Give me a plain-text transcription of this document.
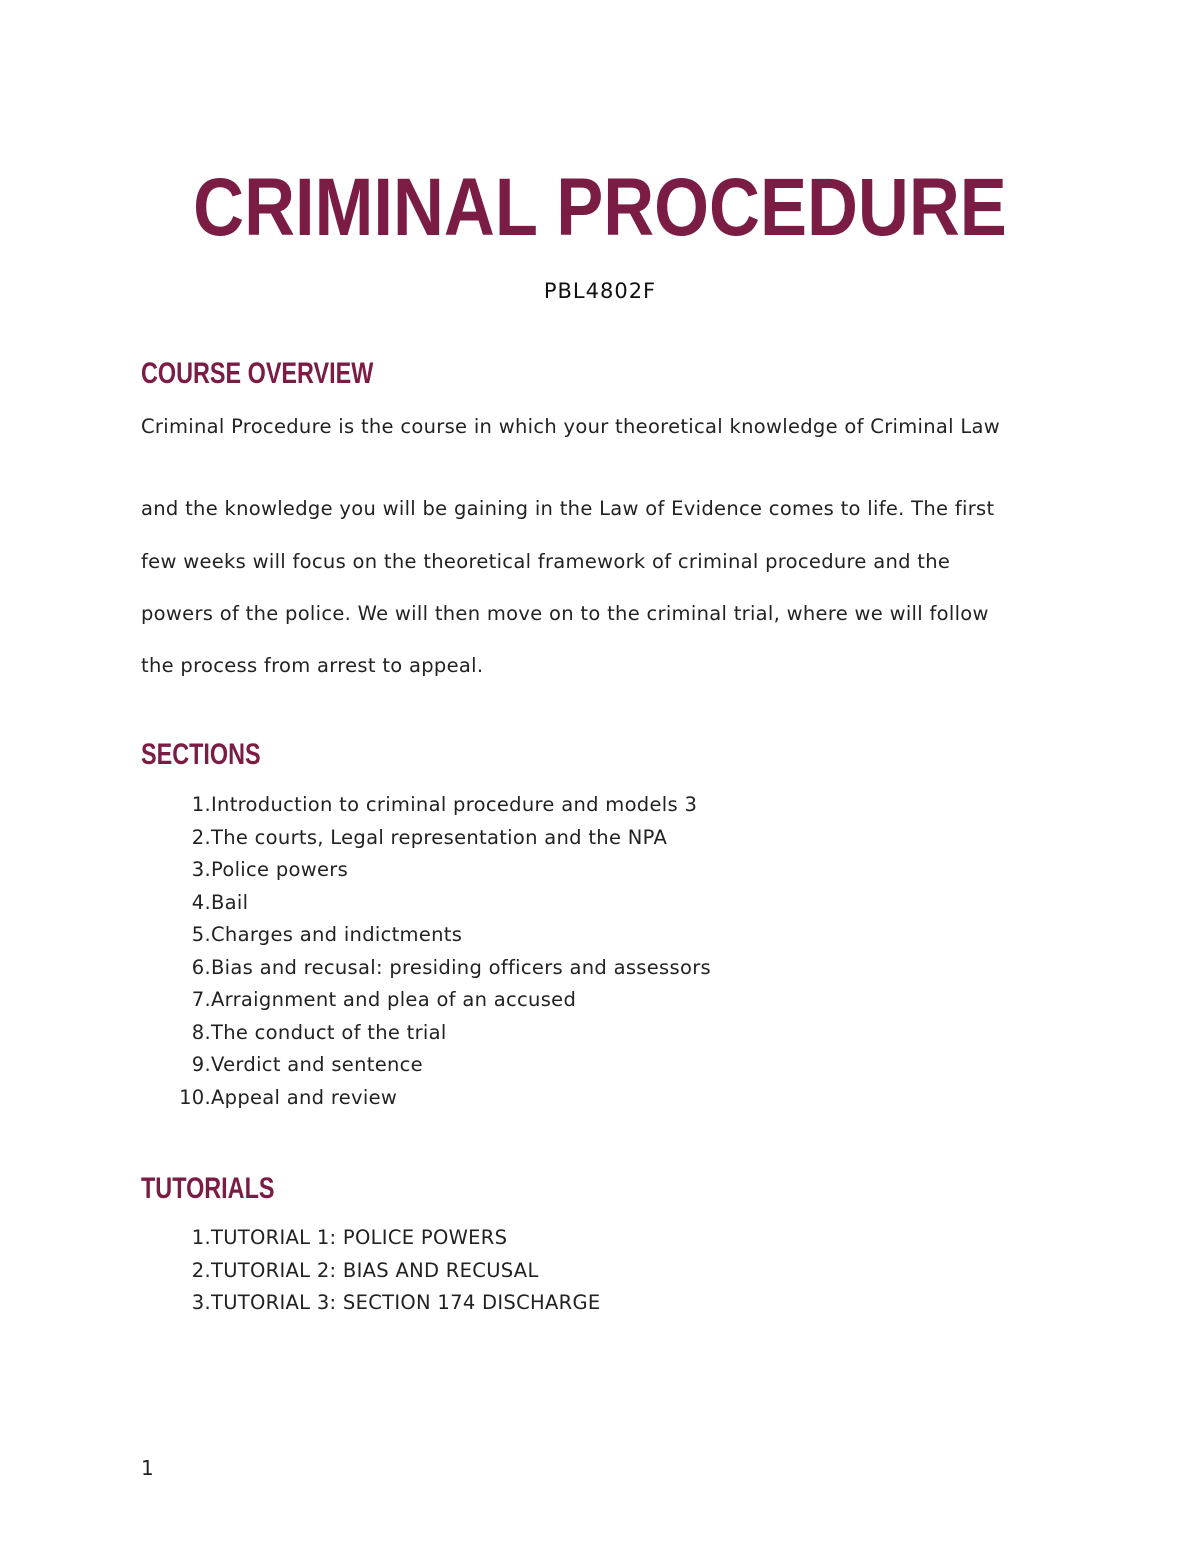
CRIMINAL PROCEDURE
PBL4802F
COURSE OVERVIEW
Criminal Procedure is the course in which your theoretical knowledge of Criminal Law
and the knowledge you will be gaining in the Law of Evidence comes to life. The first
few weeks will focus on the theoretical framework of criminal procedure and the
powers of the police. We will then move on to the criminal trial, where we will follow
the process from arrest to appeal.
SECTIONS
1. Introduction to criminal procedure and models 3
2. The courts, Legal representation and the NPA
3. Police powers
4. Bail
5. Charges and indictments
6. Bias and recusal: presiding officers and assessors
7. Arraignment and plea of an accused
8. The conduct of the trial
9. Verdict and sentence
10. Appeal and review
TUTORIALS
1. TUTORIAL 1: POLICE POWERS
2. TUTORIAL 2: BIAS AND RECUSAL
3. TUTORIAL 3: SECTION 174 DISCHARGE
1
